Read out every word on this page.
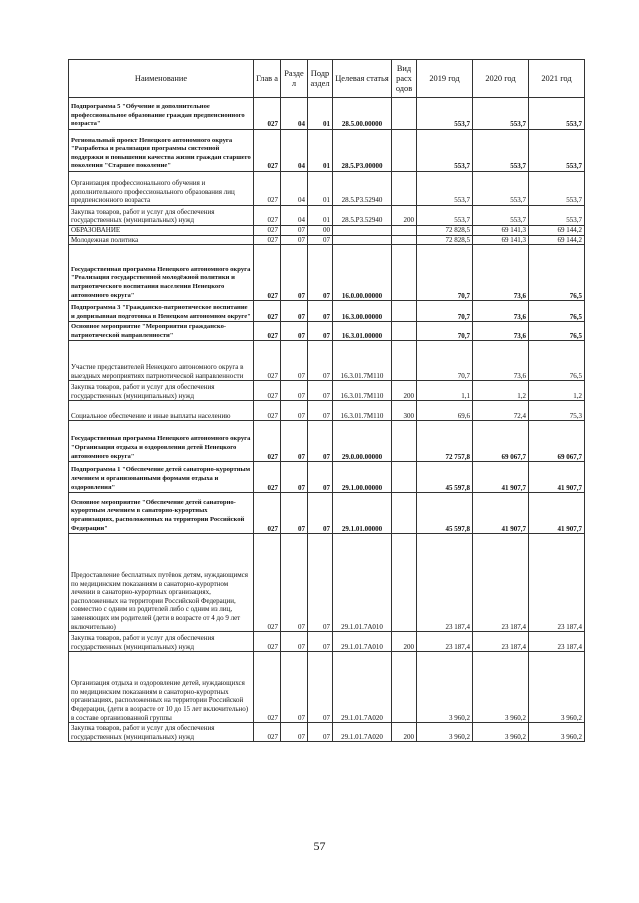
Наименование	Глав а	Разде л	Подр аздел	Целевая статья	Вид расх одов	2019 год	2020 год	2021 год
Подпрограмма 5 "Обучение и дополнительное профессиональное образование граждан предпенсионного возраста"	027	04	01	28.5.00.00000		553,7	553,7	553,7
Региональный проект Ненецкого автономного округа "Разработка и реализация программы системной поддержки и повышения качества жизни граждан старшего поколения "Старшее поколение"	027	04	01	28.5.P3.00000		553,7	553,7	553,7
Организация профессионального обучения и дополнительного профессионального образования лиц предпенсионного возраста	027	04	01	28.5.P3.52940		553,7	553,7	553,7
Закупка товаров, работ и услуг для обеспечения государственных (муниципальных) нужд	027	04	01	28.5.P3.52940	200	553,7	553,7	553,7
ОБРАЗОВАНИЕ	027	07	00			72 828,5	69 141,3	69 144,2
Молодежная политика	027	07	07			72 828,5	69 141,3	69 144,2
Государственная программа Ненецкого автономного округа "Реализация государственной молодёжной политики и патриотического воспитания населения Ненецкого автономного округа"	027	07	07	16.0.00.00000		70,7	73,6	76,5
Подпрограмма 3 "Гражданско-патриотическое воспитание и допризывная подготовка в Ненецком автономном округе"	027	07	07	16.3.00.00000		70,7	73,6	76,5
Основное мероприятие "Мероприятия гражданско-патриотической направленности"	027	07	07	16.3.01.00000		70,7	73,6	76,5
Участие представителей Ненецкого автономного округа в выездных мероприятиях патриотической направленности	027	07	07	16.3.01.7M110		70,7	73,6	76,5
Закупка товаров, работ и услуг для обеспечения государственных (муниципальных) нужд	027	07	07	16.3.01.7M110	200	1,1	1,2	1,2
Социальное обеспечение и иные выплаты населению	027	07	07	16.3.01.7M110	300	69,6	72,4	75,3
Государственная программа Ненецкого автономного округа "Организация отдыха и оздоровления детей Ненецкого автономного округа"	027	07	07	29.0.00.00000		72 757,8	69 067,7	69 067,7
Подпрограмма 1 "Обеспечение детей санаторно-курортным лечением и организованными формами отдыха и оздоровления"	027	07	07	29.1.00.00000		45 597,8	41 907,7	41 907,7
Основное мероприятие "Обеспечение детей санаторно-курортным лечением в санаторно-курортных организациях, расположенных на территории Российской Федерации"	027	07	07	29.1.01.00000		45 597,8	41 907,7	41 907,7
Предоставление бесплатных путёвок детям, нуждающимся по медицинским показаниям в санаторно-курортном лечении в санаторно-курортных организациях, расположенных на территории Российской Федерации, совместно с одним из родителей либо с одним из лиц, заменяющих им родителей (дети в возрасте от 4 до 9 лет включительно)	027	07	07	29.1.01.7A010		23 187,4	23 187,4	23 187,4
Закупка товаров, работ и услуг для обеспечения государственных (муниципальных) нужд	027	07	07	29.1.01.7A010	200	23 187,4	23 187,4	23 187,4
Организация отдыха и оздоровление детей, нуждающихся по медицинским показаниям в санаторно-курортных организациях, расположенных на территории Российской Федерации, (дети в возрасте от 10 до 15 лет включительно) в составе организованной группы	027	07	07	29.1.01.7A020		3 960,2	3 960,2	3 960,2
Закупка товаров, работ и услуг для обеспечения государственных (муниципальных) нужд	027	07	07	29.1.01.7A020	200	3 960,2	3 960,2	3 960,2
57
